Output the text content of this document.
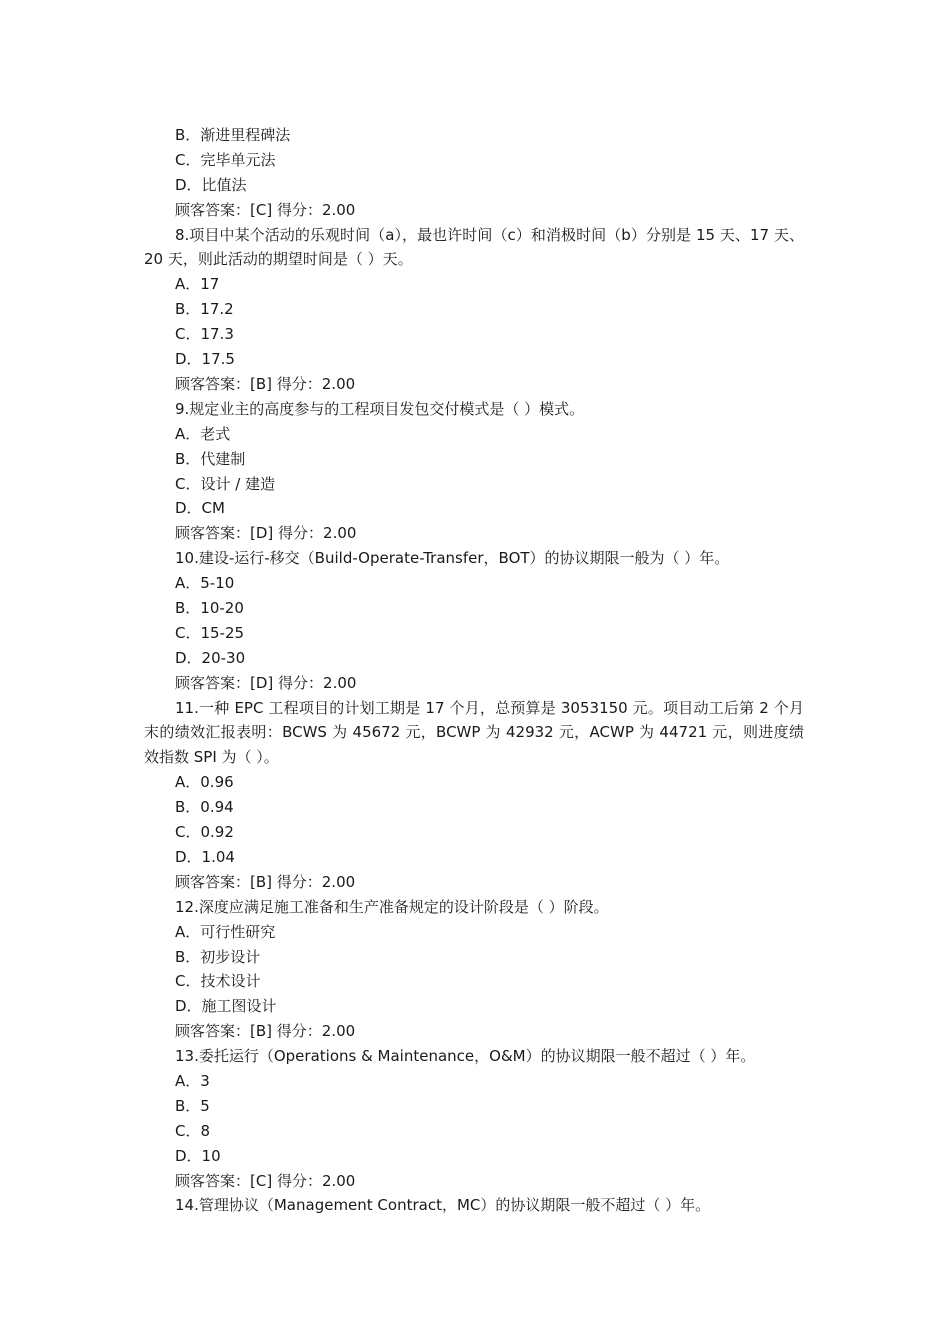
B．渐进里程碑法

C．完毕单元法

D．比值法

顾客答案：[C] 得分：2.00

8.项目中某个活动的乐观时间（a），最也许时间（c）和消极时间（b）分别是 15 天、17 天、20 天，则此活动的期望时间是（ ）天。

A．17

B．17.2

C．17.3

D．17.5

顾客答案：[B] 得分：2.00

9.规定业主的高度参与的工程项目发包交付模式是（ ）模式。

A．老式

B．代建制

C．设计 / 建造

D．CM

顾客答案：[D] 得分：2.00

10.建设-运行-移交（Build-Operate-Transfer，BOT）的协议期限一般为（ ）年。

A．5-10

B．10-20

C．15-25

D．20-30

顾客答案：[D] 得分：2.00

11.一种 EPC 工程项目的计划工期是 17 个月，总预算是 3053150 元。项目动工后第 2 个月末的绩效汇报表明：BCWS 为 45672 元，BCWP 为 42932 元，ACWP 为 44721 元，则进度绩效指数 SPI 为（ ）。

A．0.96

B．0.94

C．0.92

D．1.04

顾客答案：[B] 得分：2.00

12.深度应满足施工准备和生产准备规定的设计阶段是（ ）阶段。

A．可行性研究

B．初步设计

C．技术设计

D．施工图设计

顾客答案：[B] 得分：2.00

13.委托运行（Operations & Maintenance，O&M）的协议期限一般不超过（ ）年。

A．3

B．5

C．8

D．10

顾客答案：[C] 得分：2.00

14.管理协议（Management Contract，MC）的协议期限一般不超过（ ）年。
